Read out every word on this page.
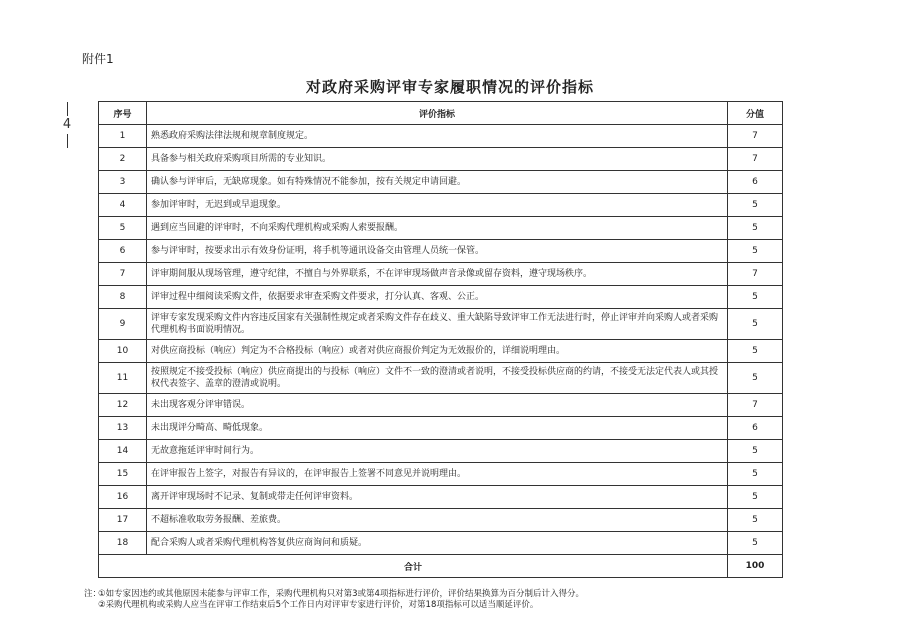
附件1
4
对政府采购评审专家履职情况的评价指标
序号	评价指标	分值
1	熟悉政府采购法律法规和规章制度规定。	7
2	具备参与相关政府采购项目所需的专业知识。	7
3	确认参与评审后，无缺席现象。如有特殊情况不能参加，按有关规定申请回避。	6
4	参加评审时，无迟到或早退现象。	5
5	遇到应当回避的评审时，不向采购代理机构或采购人索要报酬。	5
6	参与评审时，按要求出示有效身份证明，将手机等通讯设备交由管理人员统一保管。	5
7	评审期间服从现场管理，遵守纪律，不擅自与外界联系，不在评审现场做声音录像或留存资料，遵守现场秩序。	7
8	评审过程中细阅读采购文件，依据要求审查采购文件要求，打分认真、客观、公正。	5
9	评审专家发现采购文件内容违反国家有关强制性规定或者采购文件存在歧义、重大缺陷导致评审工作无法进行时，停止评审并向采购人或者采购代理机构书面说明情况。	5
10	对供应商投标（响应）判定为不合格投标（响应）或者对供应商报价判定为无效报价的，详细说明理由。	5
11	按照规定不接受投标（响应）供应商提出的与投标（响应）文件不一致的澄清或者说明，不接受投标供应商的约请，不接受无法定代表人或其授权代表签字、盖章的澄清或说明。	5
12	未出现客观分评审错误。	7
13	未出现评分畸高、畸低现象。	6
14	无故意拖延评审时间行为。	5
15	在评审报告上签字，对报告有异议的，在评审报告上签署不同意见并说明理由。	5
16	离开评审现场时不记录、复制或带走任何评审资料。	5
17	不超标准收取劳务报酬、差旅费。	5
18	配合采购人或者采购代理机构答复供应商询问和质疑。	5
合计		100
注：
①如专家因违约或其他原因未能参与评审工作，采购代理机构只对第3或第4项指标进行评价，评价结果换算为百分制后计入得分。
②采购代理机构或采购人应当在评审工作结束后5个工作日内对评审专家进行评价，对第18项指标可以适当顺延评价。
